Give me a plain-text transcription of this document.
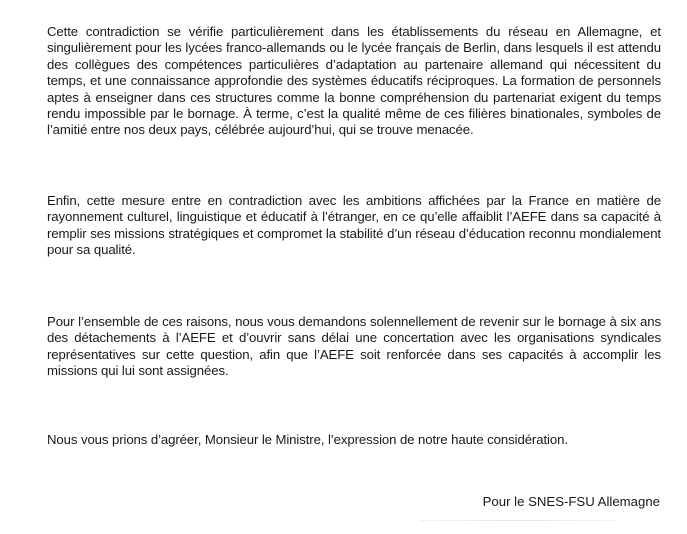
Cette contradiction se vérifie particulièrement dans les établissements du réseau en Allemagne, et singulièrement pour les lycées franco-allemands ou le lycée français de Berlin, dans lesquels il est attendu des collègues des compétences particulières d’adaptation au partenaire allemand qui nécessitent du temps, et une connaissance approfondie des systèmes éducatifs réciproques. La formation de personnels aptes à enseigner dans ces structures comme la bonne compréhension du partenariat exigent du temps rendu impossible par le bornage. À terme, c’est la qualité même de ces filières binationales, symboles de l’amitié entre nos deux pays, célébrée aujourd’hui, qui se trouve menacée.

Enfin, cette mesure entre en contradiction avec les ambitions affichées par la France en matière de rayonnement culturel, linguistique et éducatif à l’étranger, en ce qu’elle affaiblit l’AEFE dans sa capacité à remplir ses missions stratégiques et compromet la stabilité d’un réseau d’éducation reconnu mondialement pour sa qualité.

Pour l’ensemble de ces raisons, nous vous demandons solennellement de revenir sur le bornage à six ans des détachements à l’AEFE et d’ouvrir sans délai une concertation avec les organisations syndicales représentatives sur cette question, afin que l’AEFE soit renforcée dans ses capacités à accomplir les missions qui lui sont assignées.

Nous vous prions d’agréer, Monsieur le Ministre, l’expression de notre haute considération.

Pour le SNES-FSU Allemagne
